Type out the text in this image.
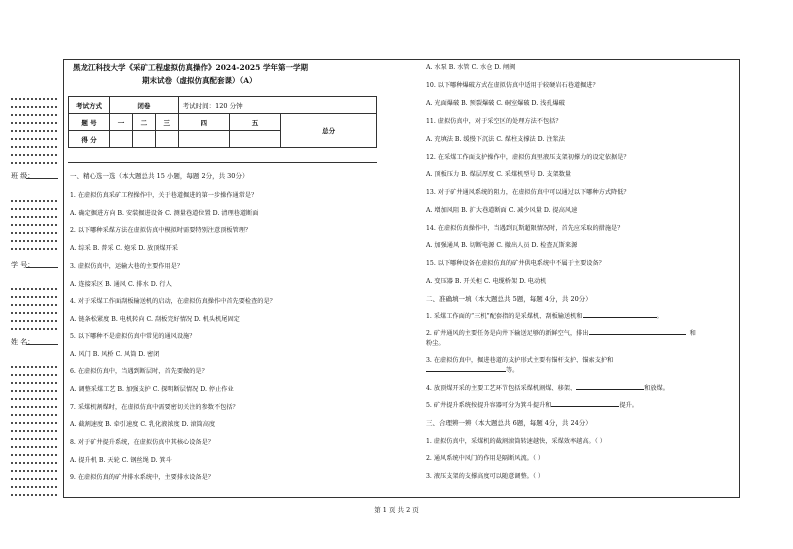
班 级：
学 号：
姓 名：
黑龙江科技大学《采矿工程虚拟仿真操作》2024-2025 学年第一学期
期末试卷（虚拟仿真配套课）（A）
考试方式	闭卷			考试时间：120 分钟		
题 号	一	二	三	四	五	总分
得 分						
一、精心选一选（本大题总共 15 小题，每题 2分，共 30分）
1. 在虚拟仿真采矿工程操作中，关于巷道掘进的第一步操作通常是？
A. 确定掘进方向 B. 安装掘进设备 C. 测量巷道位置 D. 清理巷道断面
2. 以下哪种采煤方法在虚拟仿真中模拟时需要特别注意顶板管理？
A. 综采 B. 普采 C. 炮采 D. 放顶煤开采
3. 虚拟仿真中，运输大巷的主要作用是？
A. 连接采区 B. 通风 C. 排水 D. 行人
4. 对于采煤工作面刮板输送机的启动，在虚拟仿真操作中首先要检查的是？
A. 链条松紧度 B. 电机转向 C. 刮板完好情况 D. 机头机尾固定
5. 以下哪种不是虚拟仿真中常见的通风设施？
A. 风门 B. 风桥 C. 风筒 D. 密闭
6. 在虚拟仿真中，当遇到断层时，首先要做的是？
A. 调整采煤工艺 B. 加强支护 C. 探明断层情况 D. 停止作业
7. 采煤机割煤时，在虚拟仿真中需要密切关注的参数不包括？
A. 截割速度 B. 牵引速度 C. 乳化液浓度 D. 滚筒高度
8. 对于矿井提升系统，在虚拟仿真中其核心设备是？
A. 提升机 B. 天轮 C. 钢丝绳 D. 箕斗
9. 在虚拟仿真的矿井排水系统中，主要排水设备是？
A. 水泵 B. 水管 C. 水仓 D. 闸阀
10. 以下哪种爆破方式在虚拟仿真中适用于较硬岩石巷道掘进？
A. 光面爆破 B. 预裂爆破 C. 硐室爆破 D. 浅孔爆破
11. 虚拟仿真中，对于采空区的处理方法不包括？
A. 充填法 B. 缓慢下沉法 C. 煤柱支撑法 D. 注浆法
12. 在采煤工作面支护操作中，虚拟仿真里液压支架初撑力的设定依据是？
A. 顶板压力 B. 煤层厚度 C. 采煤机型号 D. 支架数量
13. 对于矿井通风系统的阻力，在虚拟仿真中可以通过以下哪种方式降低？
A. 增加风阻 B. 扩大巷道断面 C. 减少风量 D. 提高风速
14. 在虚拟仿真操作中，当遇到瓦斯超限情况时，首先应采取的措施是？
A. 加强通风 B. 切断电源 C. 撤出人员 D. 检查瓦斯来源
15. 以下哪种设备在虚拟仿真的矿井供电系统中不属于主要设备？
A. 变压器 B. 开关柜 C. 电缆桥架 D. 电动机
二、准确填一填（本大题总共 5题，每题 4分，共 20分）
1. 采煤工作面的“三机”配套指的是采煤机、刮板输送机和	。
2. 矿井通风的主要任务是向井下输送足够的新鲜空气，排出	和
粉尘。
3. 在虚拟仿真中，掘进巷道的支护形式主要有锚杆支护、锚索支护和
等。
4. 放顶煤开采的主要工艺环节包括采煤机割煤、移架、	和放煤。
5. 矿井提升系统按提升容器可分为箕斗提升和	提升。
三、合理辨一辨（本大题总共 6题，每题 4分，共 24分）
1. 虚拟仿真中，采煤机的截割滚筒转速越快，采煤效率越高。（ ）
2. 通风系统中风门的作用是隔断风流。（ ）
3. 液压支架的支撑高度可以随意调整。（ ）
第 1 页 共 2 页
